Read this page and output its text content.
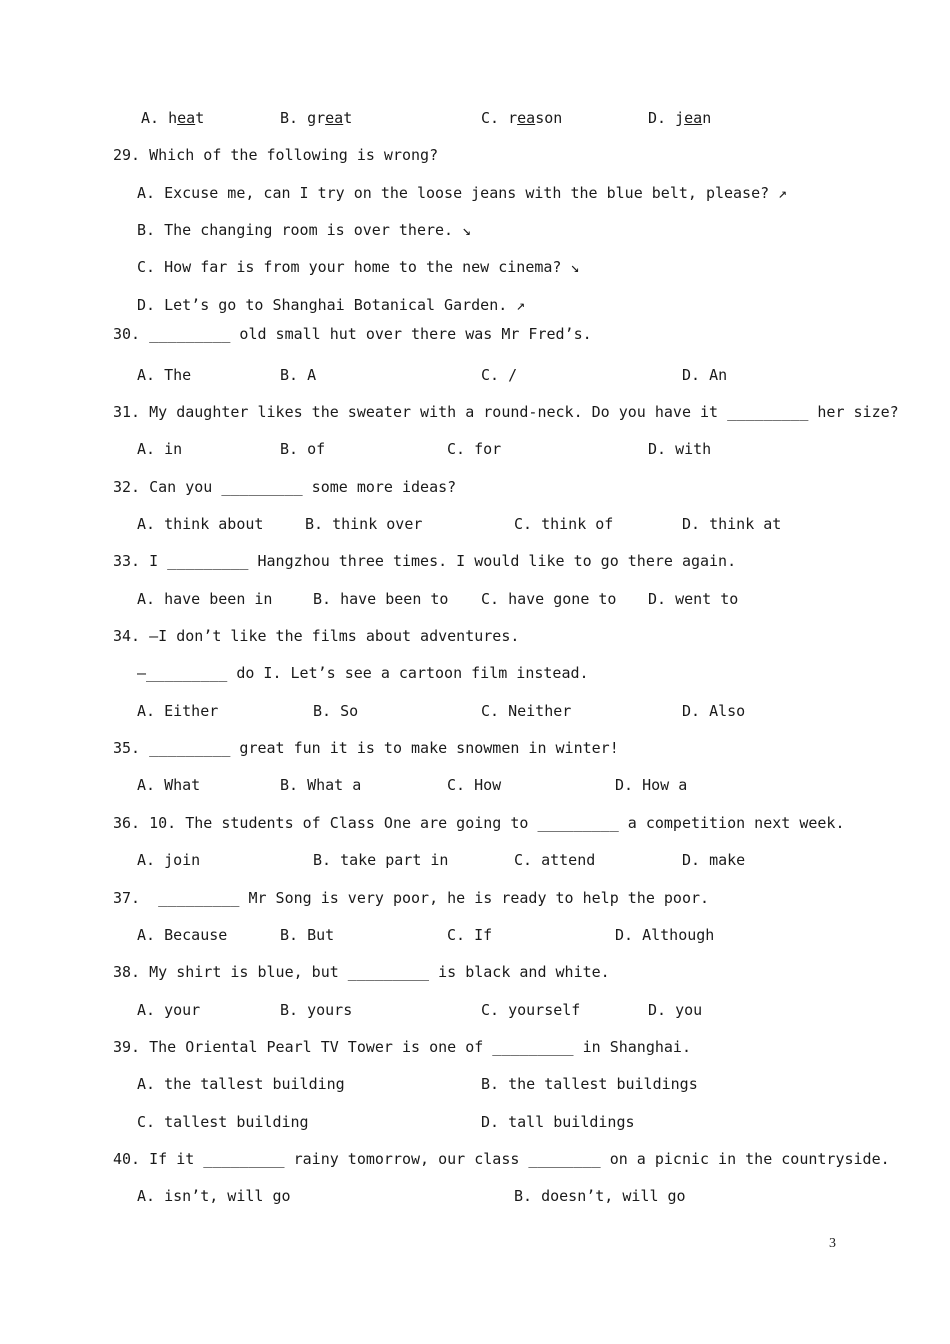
A. heat	B. great	C. reason	D. jean
29. Which of the following is wrong?
A. Excuse me, can I try on the loose jeans with the blue belt, please? ↗
B. The changing room is over there. ↘
C. How far is from your home to the new cinema? ↘
D. Let’s go to Shanghai Botanical Garden. ↗
30. _________ old small hut over there was Mr Fred’s.
A. The	B. A	C. /	D. An
31. My daughter likes the sweater with a round-neck. Do you have it _________ her size?
A. in	B. of	C. for	D. with
32. Can you _________ some more ideas?
A. think about	B. think over	C. think of	D. think at
33. I _________ Hangzhou three times. I would like to go there again.
A. have been in	B. have been to C. have gone to D. went to
34. —I don’t like the films about adventures.
—_________ do I. Let’s see a cartoon film instead.
A. Either	B. So	C. Neither	D. Also
35. _________ great fun it is to make snowmen in winter!
A. What	B. What a	C. How	D. How a
36. 10. The students of Class One are going to _________ a competition next week.
A. join	B. take part in	C. attend	D. make
37.  _________ Mr Song is very poor, he is ready to help the poor.
A. Because	B. But	C. If	D. Although
38. My shirt is blue, but _________ is black and white.
A. your	B. yours	C. yourself	D. you
39. The Oriental Pearl TV Tower is one of _________ in Shanghai.
A. the tallest building	B. the tallest buildings
C. tallest building	D. tall buildings
40. If it _________ rainy tomorrow, our class ________ on a picnic in the countryside.
A. isn’t, will go	B. doesn’t, will go
3
